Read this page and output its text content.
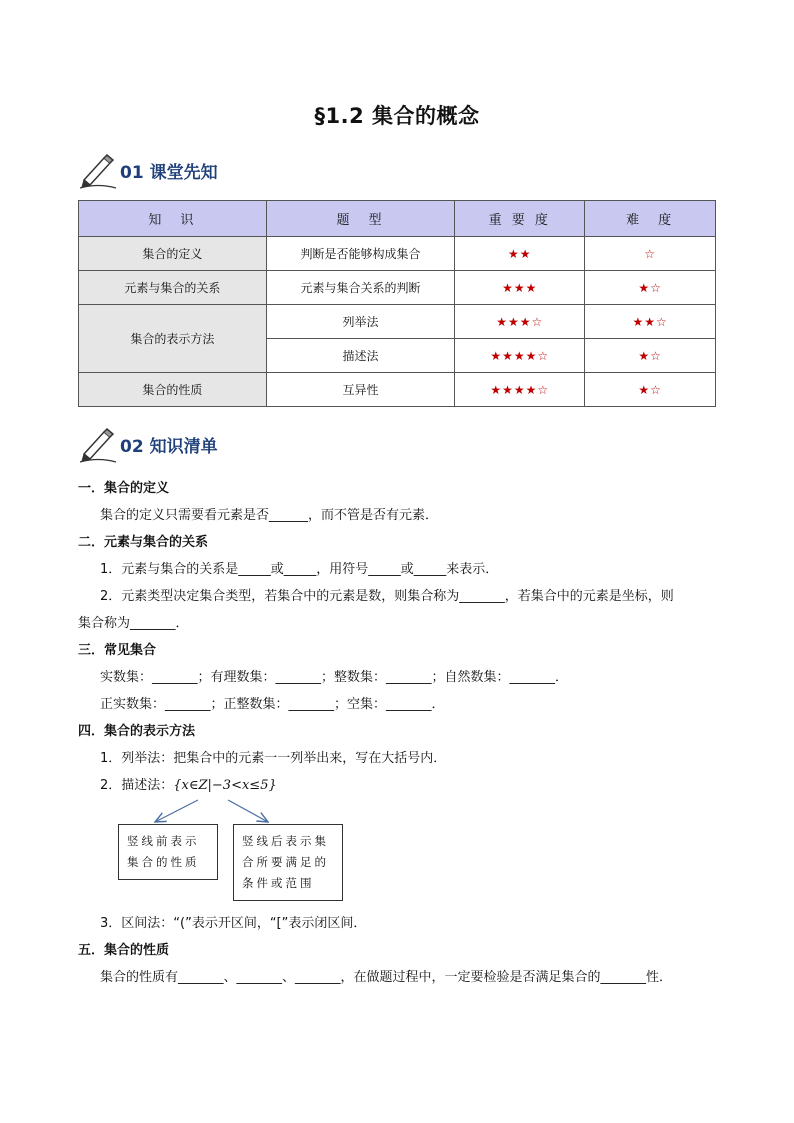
§1.2 集合的概念
01 课堂先知
知　识	题　型	重 要 度	难　度
集合的定义	判断是否能够构成集合	★★	☆
元素与集合的关系	元素与集合关系的判断	★★★	★☆
集合的表示方法	列举法	★★★☆	★★☆
	描述法	★★★★☆	★☆
集合的性质	互异性	★★★★☆	★☆
02 知识清单
一．集合的定义
集合的定义只需要看元素是否______，而不管是否有元素．
二．元素与集合的关系
1．元素与集合的关系是_____或_____，用符号_____或_____来表示．
2．元素类型决定集合类型，若集合中的元素是数，则集合称为_______，若集合中的元素是坐标，则
集合称为_______．
三．常见集合
实数集：_______；有理数集：_______；整数集：_______；自然数集：_______．
正实数集：_______；正整数集：_______；空集：_______．
四．集合的表示方法
1．列举法：把集合中的元素一一列举出来，写在大括号内．
2．描述法：{x∈Z|−3<x≤5}
3．区间法：“(”表示开区间，“[”表示闭区间．
五．集合的性质
集合的性质有_______、_______、_______，在做题过程中，一定要检验是否满足集合的_______性．
竖线前表示集合的性质
竖线后表示集合所要满足的条件或范围
